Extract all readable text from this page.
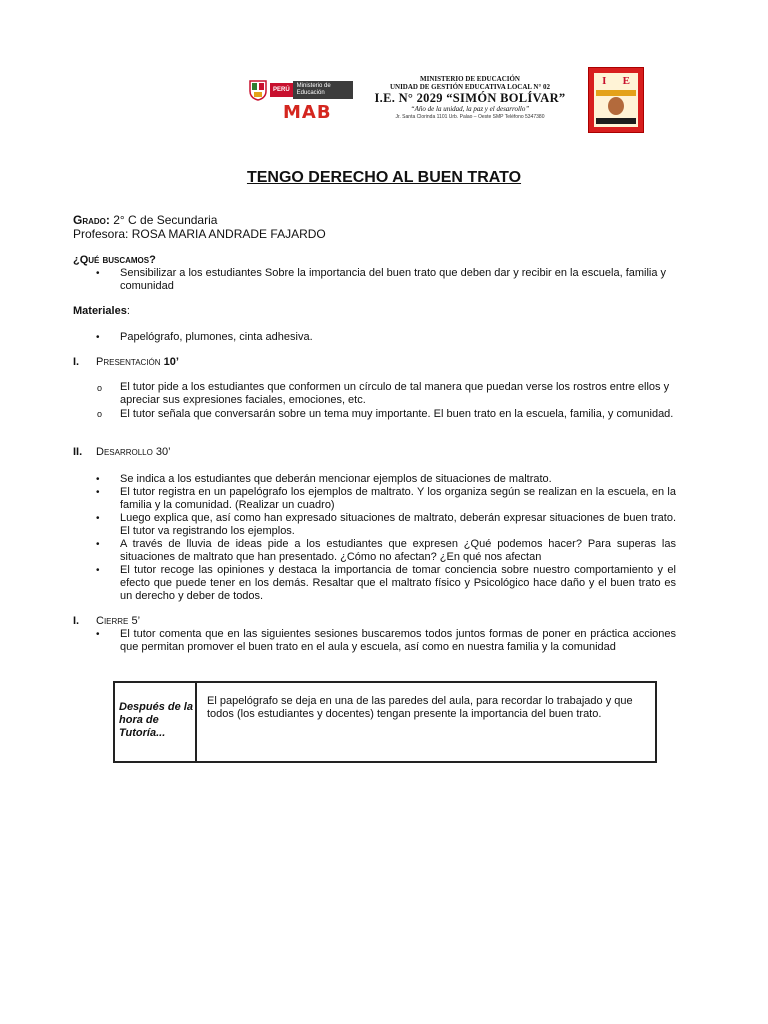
PERÚ
Ministerio de Educación
MAB
MINISTERIO DE EDUCACIÓN
UNIDAD DE GESTIÓN EDUCATIVA LOCAL N° 02
I.E. N° 2029 “SIMÓN BOLÍVAR”
“Año de la unidad, la paz y el desarrollo”
Jr. Santa Clorinda 1101 Urb. Palao – Oeste SMP Teléfono 5347380
I E
TENGO DERECHO AL BUEN TRATO
Grado: 2° C de Secundaria
Profesora: ROSA MARIA ANDRADE FAJARDO
¿Qué buscamos?
• Sensibilizar a los estudiantes Sobre la importancia del buen trato que deben dar y recibir en la escuela, familia y comunidad
Materiales:
• Papelógrafo, plumones, cinta adhesiva.
I. Presentación 10’
o El tutor pide a los estudiantes que conformen un círculo de tal manera que puedan verse los rostros entre ellos y apreciar sus expresiones faciales, emociones, etc.
o El tutor señala que conversarán sobre un tema muy importante. El buen trato en la escuela, familia, y comunidad.
II. Desarrollo 30’
• Se indica a los estudiantes que deberán mencionar ejemplos de situaciones de maltrato.
• El tutor registra en un papelógrafo los ejemplos de maltrato. Y los organiza según se realizan en la escuela, en la familia y la comunidad. (Realizar un cuadro)
• Luego explica que, así como han expresado situaciones de maltrato, deberán expresar situaciones de buen trato. El tutor va registrando los ejemplos.
• A través de lluvia de ideas pide a los estudiantes que expresen ¿Qué podemos hacer? Para superas las situaciones de maltrato que han presentado. ¿Cómo no afectan? ¿En qué nos afectan
• El tutor recoge las opiniones y destaca la importancia de tomar conciencia sobre nuestro comportamiento y el efecto que puede tener en los demás. Resaltar que el maltrato físico y Psicológico hace daño y el buen trato es un derecho y deber de todos.
I. Cierre 5’
• El tutor comenta que en las siguientes sesiones buscaremos todos juntos formas de poner en práctica acciones que permitan promover el buen trato en el aula y escuela, así como en nuestra familia y la comunidad
Después de la hora de Tutoría...
El papelógrafo se deja en una de las paredes del aula, para recordar lo trabajado y que todos (los estudiantes y docentes) tengan presente la importancia del buen trato.
